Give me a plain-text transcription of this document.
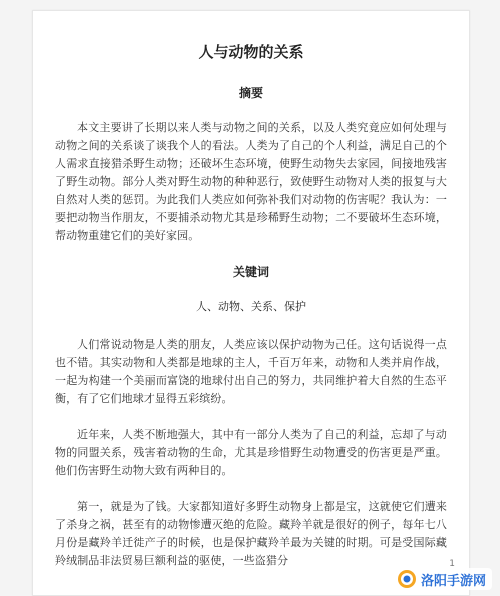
人与动物的关系
摘要

本文主要讲了长期以来人类与动物之间的关系，以及人类究竟应如何处理与动物之间的关系谈了谈我个人的看法。人类为了自己的个人利益，满足自己的个人需求直接猎杀野生动物；还破坏生态环境，使野生动物失去家园，间接地残害了野生动物。部分人类对野生动物的种种恶行，致使野生动物对人类的报复与大自然对人类的惩罚。为此我们人类应如何弥补我们对动物的伤害呢？我认为：一要把动物当作朋友，不要捕杀动物尤其是珍稀野生动物；二不要破坏生态环境，帮动物重建它们的美好家园。

关键词
人、动物、关系、保护

人们常说动物是人类的朋友，人类应该以保护动物为己任。这句话说得一点也不错。其实动物和人类都是地球的主人，千百万年来，动物和人类并肩作战，一起为构建一个美丽而富饶的地球付出自己的努力，共同维护着大自然的生态平衡，有了它们地球才显得五彩缤纷。

近年来，人类不断地强大，其中有一部分人类为了自己的利益，忘却了与动物的同盟关系，残害着动物的生命，尤其是珍惜野生动物遭受的伤害更是严重。他们伤害野生动物大致有两种目的。

第一，就是为了钱。大家都知道好多野生动物身上都是宝，这就使它们遭来了杀身之祸，甚至有的动物惨遭灭绝的危险。藏羚羊就是很好的例子，每年七八月份是藏羚羊迁徙产子的时候，也是保护藏羚羊最为关键的时期。可是受国际藏羚绒制品非法贸易巨额利益的驱使，一些盗猎分	1
洛阳手游网
